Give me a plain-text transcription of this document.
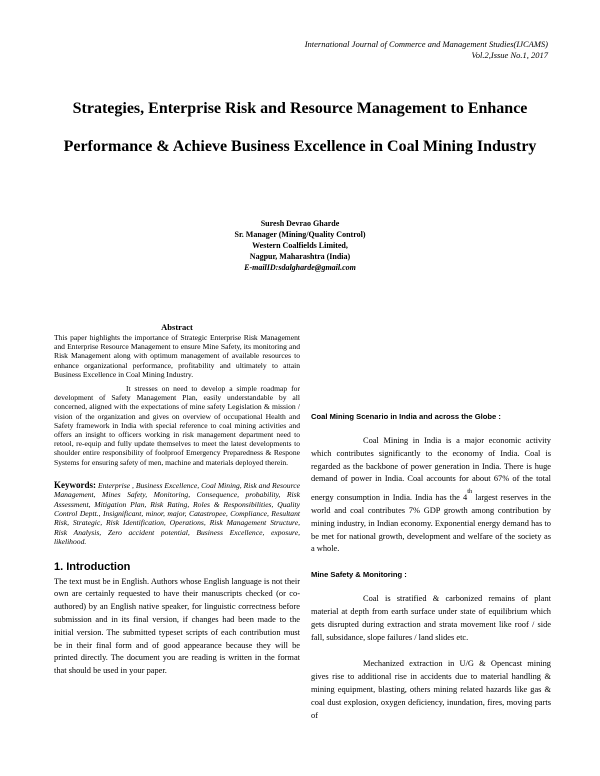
International Journal of Commerce and Management Studies(IJCAMS)
Vol.2,Issue No.1, 2017
Strategies, Enterprise Risk and Resource Management to Enhance Performance & Achieve Business Excellence in Coal Mining Industry
Suresh Devrao Gharde
Sr. Manager (Mining/Quality Control)
Western Coalfields Limited,
Nagpur, Maharashtra (India)
E-mailID:sdalgharde@gmail.com
Abstract

This paper highlights the importance of Strategic Enterprise Risk Management and Enterprise Resource Management to ensure Mine Safety, its monitoring and Risk Management along with optimum management of available resources to enhance organizational performance, profitability and ultimately to attain Business Excellence in Coal Mining Industry.

It stresses on need to develop a simple roadmap for development of Safety Management Plan, easily understandable by all concerned, aligned with the expectations of mine safety Legislation & mission / vision of the organization and gives on overview of occupational Health and Safety framework in India with special reference to coal mining activities and offers an insight to officers working in risk management department need to retool, re-equip and fully update themselves to meet the latest developments to shoulder entire responsibility of foolproof Emergency Preparedness & Respone Systems for ensuring safety of men, machine and materials deployed therein.

Keywords: Enterprise , Business Excellence, Coal Mining, Risk and Resource Management, Mines Safety, Monitoring, Consequence, probability, Risk Assessment, Mitigation Plan, Risk Rating, Roles & Responsibilities, Quality Control Deptt., Insignificant, minor, major, Catastropee, Compliance, Resultant Risk, Strategic, Risk Identification, Operations, Risk Management Structure, Risk Analysis, Zero accident potential, Business Excellence, exposure, likelihood.

1. Introduction

The text must be in English. Authors whose English language is not their own are certainly requested to have their manuscripts checked (or co-authored) by an English native speaker, for linguistic correctness before submission and in its final version, if changes had been made to the initial version. The submitted typeset scripts of each contribution must be in their final form and of good appearance because they will be printed directly. The document you are reading is written in the format that should be used in your paper.

Coal Mining Scenario in India and across the Globe :

Coal Mining in India is a major economic activity which contributes significantly to the economy of India. Coal is regarded as the backbone of power generation in India. There is huge demand of power in India. Coal accounts for about 67% of the total energy consumption in India. India has the 4th largest reserves in the world and coal contributes 7% GDP growth among contribution by mining industry, in Indian economy. Exponential energy demand has to be met for national growth, development and welfare of the society as a whole.

Mine Safety & Monitoring :

Coal is stratified & carbonized remains of plant material at depth from earth surface under state of equilibrium which gets disrupted during extraction and strata movement like roof / side fall, subsidance, slope failures / land slides etc.

Mechanized extraction in U/G & Opencast mining gives rise to additional rise in accidents due to material handling & mining equipment, blasting, others mining related hazards like gas & coal dust explosion, oxygen deficiency, inundation, fires, moving parts of
